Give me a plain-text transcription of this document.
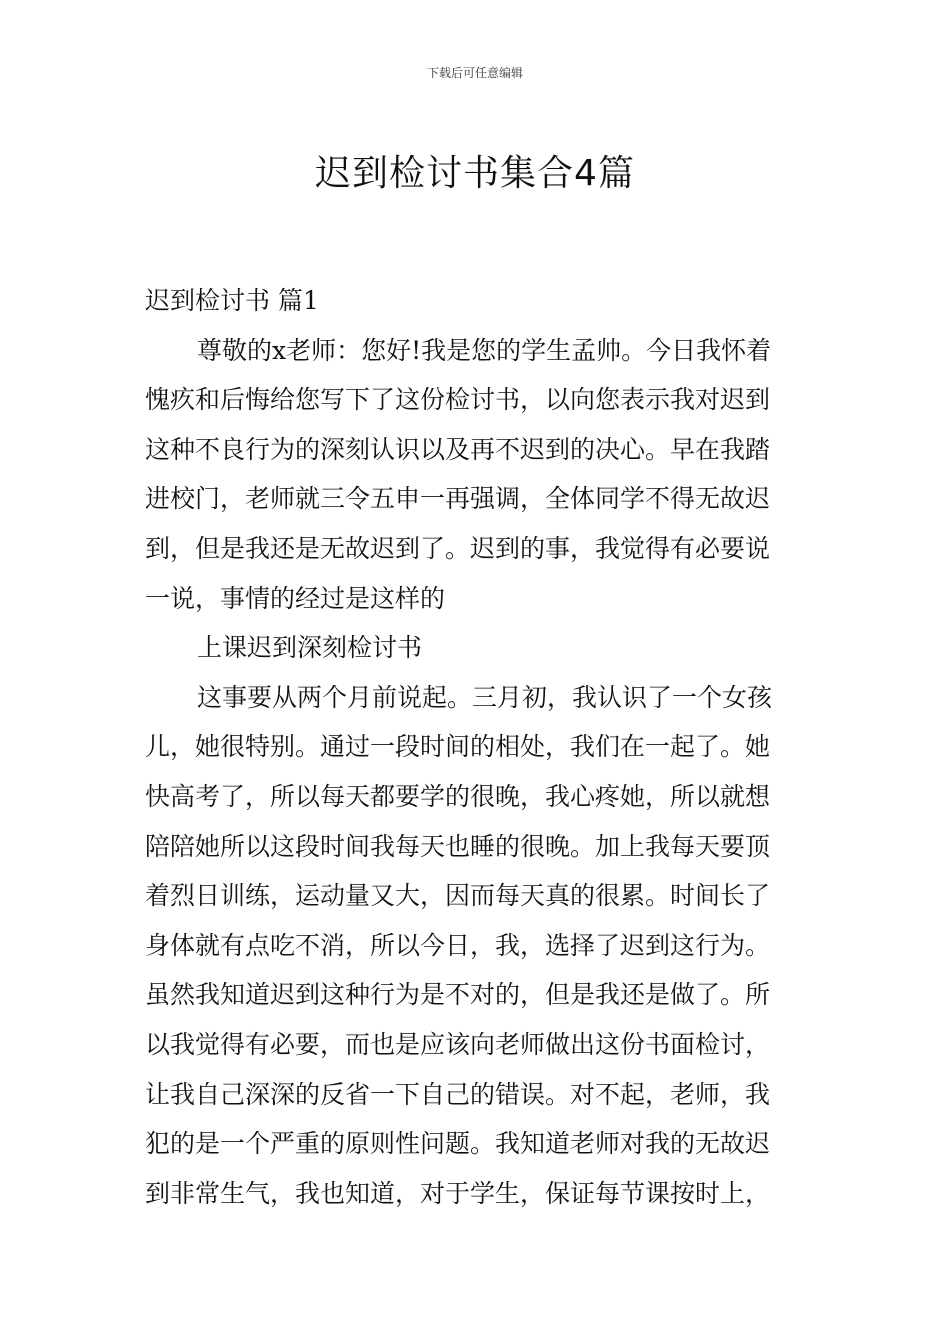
下载后可任意编辑
迟到检讨书集合4篇
迟到检讨书 篇1
尊敬的x老师：您好!我是您的学生孟帅。今日我怀着
愧疚和后悔给您写下了这份检讨书，以向您表示我对迟到
这种不良行为的深刻认识以及再不迟到的决心。早在我踏
进校门，老师就三令五申一再强调，全体同学不得无故迟
到，但是我还是无故迟到了。迟到的事，我觉得有必要说
一说，事情的经过是这样的
上课迟到深刻检讨书
这事要从两个月前说起。三月初，我认识了一个女孩
儿，她很特别。通过一段时间的相处，我们在一起了。她
快高考了，所以每天都要学的很晚，我心疼她，所以就想
陪陪她所以这段时间我每天也睡的很晚。加上我每天要顶
着烈日训练，运动量又大，因而每天真的很累。时间长了
身体就有点吃不消，所以今日，我，选择了迟到这行为。
虽然我知道迟到这种行为是不对的，但是我还是做了。所
以我觉得有必要，而也是应该向老师做出这份书面检讨，
让我自己深深的反省一下自己的错误。对不起，老师，我
犯的是一个严重的原则性问题。我知道老师对我的无故迟
到非常生气，我也知道，对于学生，保证每节课按时上，
